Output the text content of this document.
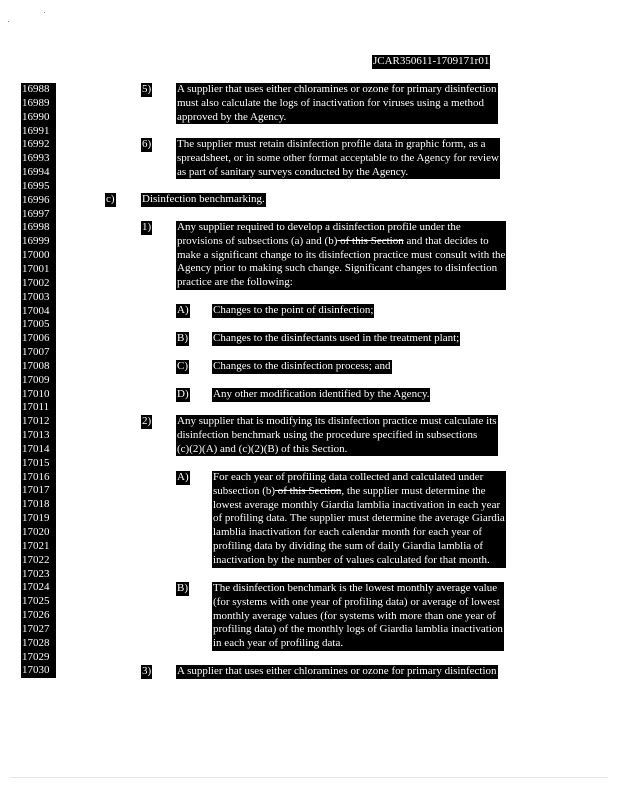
JCAR350611-1709171r01
16988
16989
16990
16991
16992
16993
16994
16995
16996
16997
16998
16999
17000
17001
17002
17003
17004
17005
17006
17007
17008
17009
17010
17011
17012
17013
17014
17015
17016
17017
17018
17019
17020
17021
17022
17023
17024
17025
17026
17027
17028
17029
17030
5) A supplier that uses either chloramines or ozone for primary disinfection
must also calculate the logs of inactivation for viruses using a method
approved by the Agency.
6) The supplier must retain disinfection profile data in graphic form, as a
spreadsheet, or in some other format acceptable to the Agency for review
as part of sanitary surveys conducted by the Agency.
c) Disinfection benchmarking.
1) Any supplier required to develop a disinfection profile under the
provisions of subsections (a) and (b) of this Section and that decides to
make a significant change to its disinfection practice must consult with the
Agency prior to making such change. Significant changes to disinfection
practice are the following:
A) Changes to the point of disinfection;
B) Changes to the disinfectants used in the treatment plant;
C) Changes to the disinfection process; and
D) Any other modification identified by the Agency.
2) Any supplier that is modifying its disinfection practice must calculate its
disinfection benchmark using the procedure specified in subsections
(c)(2)(A) and (c)(2)(B) of this Section.
A) For each year of profiling data collected and calculated under
subsection (b) of this Section, the supplier must determine the
lowest average monthly Giardia lamblia inactivation in each year
of profiling data. The supplier must determine the average Giardia
lamblia inactivation for each calendar month for each year of
profiling data by dividing the sum of daily Giardia lamblia of
inactivation by the number of values calculated for that month.
B) The disinfection benchmark is the lowest monthly average value
(for systems with one year of profiling data) or average of lowest
monthly average values (for systems with more than one year of
profiling data) of the monthly logs of Giardia lamblia inactivation
in each year of profiling data.
3) A supplier that uses either chloramines or ozone for primary disinfection
